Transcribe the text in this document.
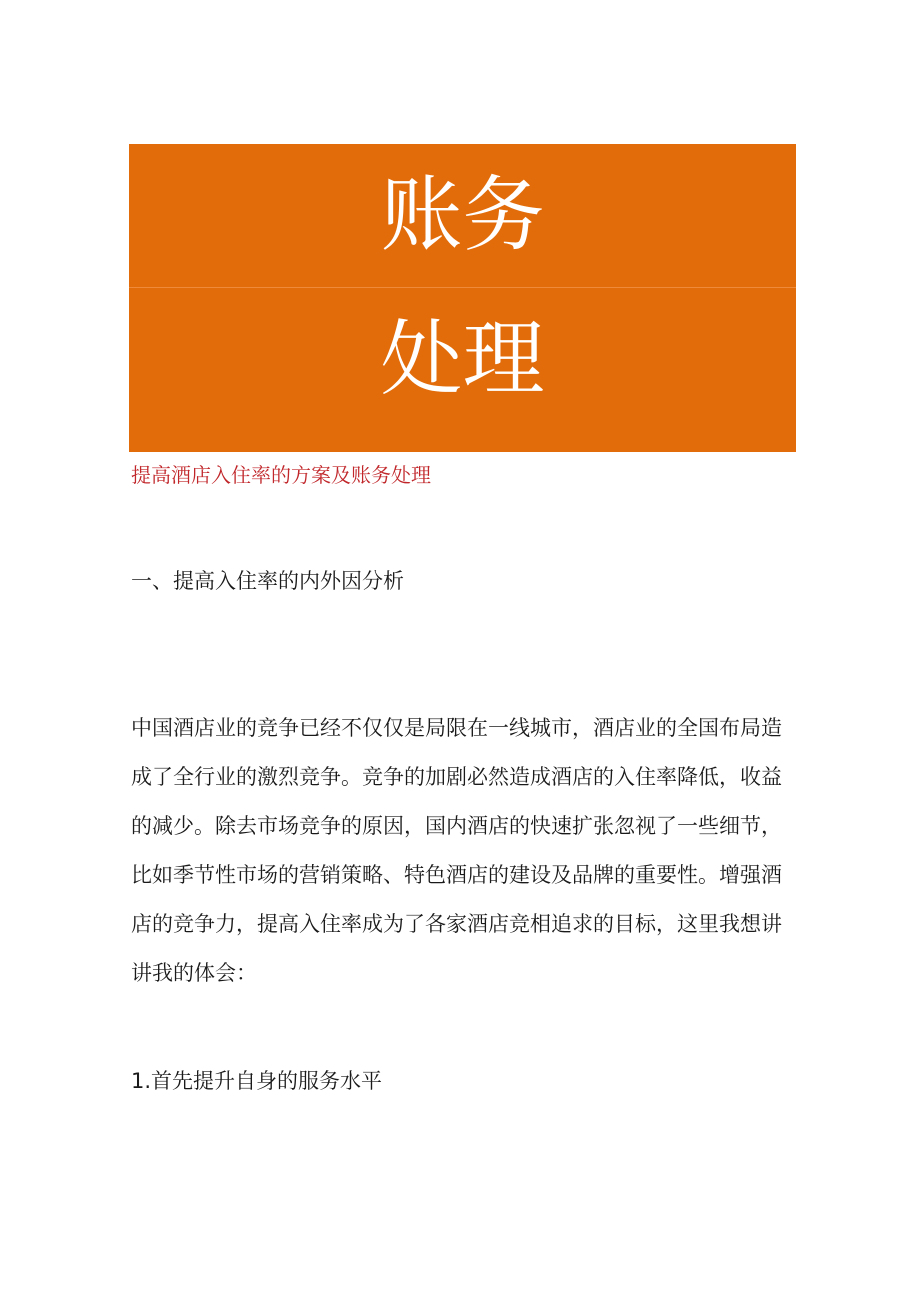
账务
处理
提高酒店入住率的方案及账务处理
一、提高入住率的内外因分析

中国酒店业的竞争已经不仅仅是局限在一线城市，酒店业的全国布局造
成了全行业的激烈竞争。竞争的加剧必然造成酒店的入住率降低，收益
的减少。除去市场竞争的原因，国内酒店的快速扩张忽视了一些细节，
比如季节性市场的营销策略、特色酒店的建设及品牌的重要性。增强酒
店的竞争力，提高入住率成为了各家酒店竞相追求的目标，这里我想讲
讲我的体会：

1.首先提升自身的服务水平
